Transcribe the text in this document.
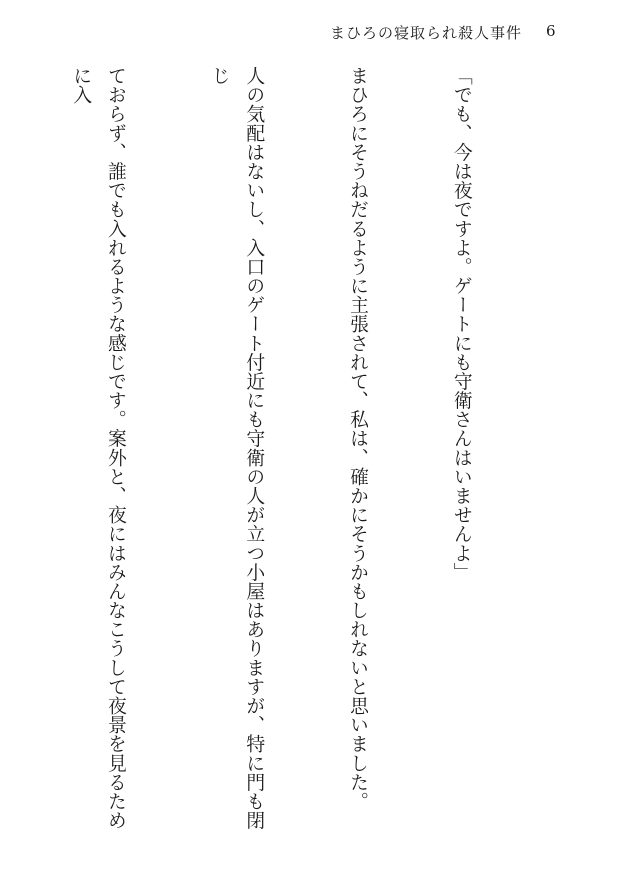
まひろの寝取られ殺人事件 6

「でも、今は夜ですよ。ゲートにも守衛さんはいませんよ」

まひろにそうねだるように主張されて、私は、確かにそうかもしれないと思いました。

人の気配はないし、入口のゲート付近にも守衛の人が立つ小屋はありますが、特に門も閉じ

ておらず、誰でも入れるような感じです。案外と、夜にはみんなこうして夜景を見るために入
